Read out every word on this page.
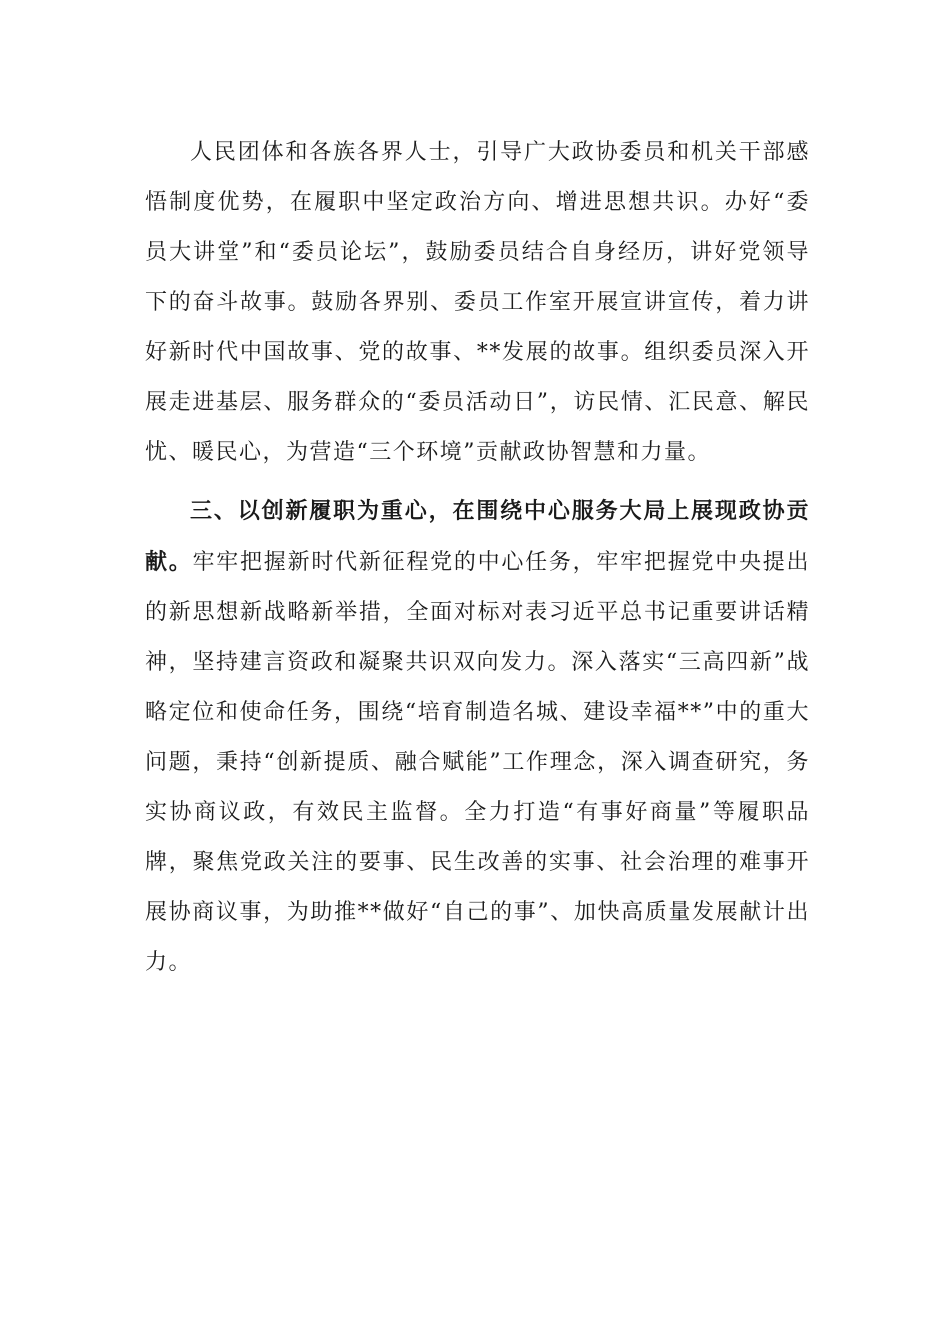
人民团体和各族各界人士，引导广大政协委员和机关干部感悟制度优势，在履职中坚定政治方向、增进思想共识。办好“委员大讲堂”和“委员论坛”，鼓励委员结合自身经历，讲好党领导下的奋斗故事。鼓励各界别、委员工作室开展宣讲宣传，着力讲好新时代中国故事、党的故事、**发展的故事。组织委员深入开展走进基层、服务群众的“委员活动日”，访民情、汇民意、解民忧、暖民心，为营造“三个环境”贡献政协智慧和力量。

三、以创新履职为重心，在围绕中心服务大局上展现政协贡献。牢牢把握新时代新征程党的中心任务，牢牢把握党中央提出的新思想新战略新举措，全面对标对表习近平总书记重要讲话精神，坚持建言资政和凝聚共识双向发力。深入落实“三高四新”战略定位和使命任务，围绕“培育制造名城、建设幸福**”中的重大问题，秉持“创新提质、融合赋能”工作理念，深入调查研究，务实协商议政，有效民主监督。全力打造“有事好商量”等履职品牌，聚焦党政关注的要事、民生改善的实事、社会治理的难事开展协商议事，为助推**做好“自己的事”、加快高质量发展献计出力。
